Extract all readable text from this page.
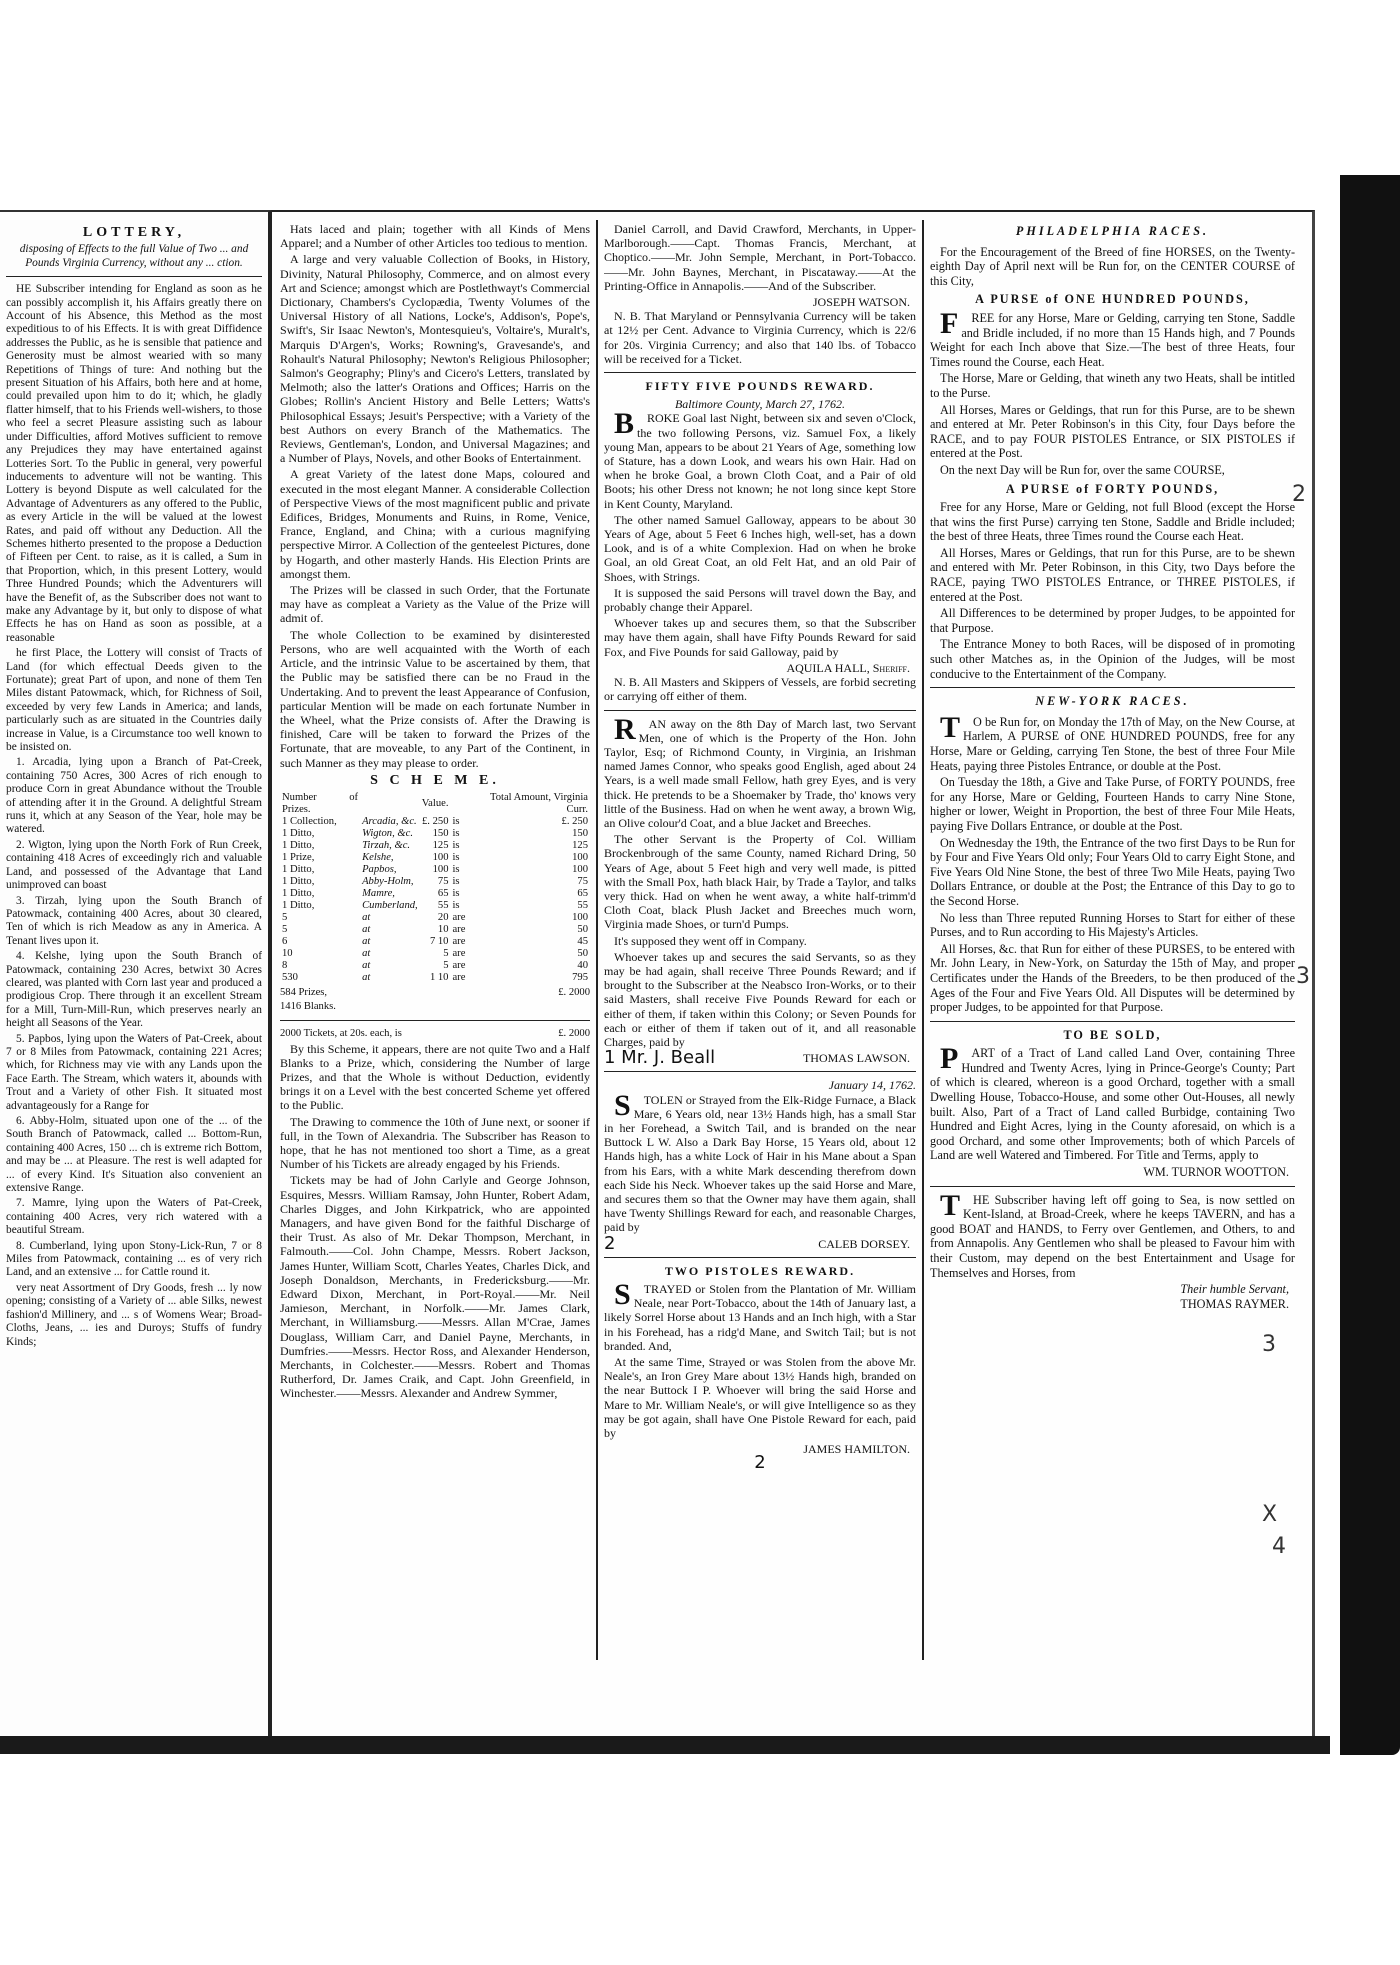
LOTTERY,

disposing of Effects to the full Value of Two ... and Pounds Virginia Currency, without any ... ction.

HE Subscriber intending for England as soon as he can possibly accomplish it, his Affairs greatly there on Account of his Absence, this Method as the most expeditious to of his Effects. It is with great Diffidence addresses the Public, as he is sensible that patience and Generosity must be almost wearied with so many Repetitions of Things of ture: And nothing but the present Situation of his Affairs, both here and at home, could prevailed upon him to do it; which, he gladly flatter himself, that to his Friends well-wishers, to those who feel a secret Pleasure assisting such as labour under Difficulties, afford Motives sufficient to remove any Prejudices they may have entertained against Lotteries Sort. To the Public in general, very powerful inducements to adventure will not be wanting. This Lottery is beyond Dispute as well calculated for the Advantage of Adventurers as any offered to the Public, as every Article in the will be valued at the lowest Rates, and paid off without any Deduction. All the Schemes hitherto presented to the propose a Deduction of Fifteen per Cent. to raise, as it is called, a Sum in that Proportion, which, in this present Lottery, would Three Hundred Pounds; which the Adventurers will have the Benefit of, as the Subscriber does not want to make any Advantage by it, but only to dispose of what Effects he has on Hand as soon as possible, at a reasonable

he first Place, the Lottery will consist of Tracts of Land (for which effectual Deeds given to the Fortunate); great Part of upon, and none of them Ten Miles distant Patowmack, which, for Richness of Soil, exceeded by very few Lands in America; and lands, particularly such as are situated in the Countries daily increase in Value, is a Circumstance too well known to be insisted on.

1. Arcadia, lying upon a Branch of Pat-Creek, containing 750 Acres, 300 Acres of rich enough to produce Corn in great Abundance without the Trouble of attending after it in the Ground. A delightful Stream runs it, which at any Season of the Year, hole may be watered.

2. Wigton, lying upon the North Fork of Run Creek, containing 418 Acres of exceedingly rich and valuable Land, and possessed of the Advantage that Land unimproved can boast

3. Tirzah, lying upon the South Branch of Patowmack, containing 400 Acres, about 30 cleared, Ten of which is rich Meadow as any in America. A Tenant lives upon it.

4. Kelshe, lying upon the South Branch of Patowmack, containing 230 Acres, betwixt 30 Acres cleared, was planted with Corn last year and produced a prodigious Crop. There through it an excellent Stream for a Mill, Turn-Mill-Run, which preserves nearly an height all Seasons of the Year.

5. Papbos, lying upon the Waters of Pat-Creek, about 7 or 8 Miles from Patowmack, containing 221 Acres; which, for Richness may vie with any Lands upon the Face Earth. The Stream, which waters it, abounds with Trout and a Variety of other Fish. It situated most advantageously for a Range for

6. Abby-Holm, situated upon one of the ... of the South Branch of Patowmack, called ... Bottom-Run, containing 400 Acres, 150 ... ch is extreme rich Bottom, and may be ... at Pleasure. The rest is well adapted for ... of every Kind. It's Situation also convenient an extensive Range.

7. Mamre, lying upon the Waters of Pat-Creek, containing 400 Acres, very rich watered with a beautiful Stream.

8. Cumberland, lying upon Stony-Lick-Run, 7 or 8 Miles from Patowmack, containing ... es of very rich Land, and an extensive ... for Cattle round it.

very neat Assortment of Dry Goods, fresh ... ly now opening; consisting of a Variety of ... able Silks, newest fashion'd Millinery, and ... s of Womens Wear; Broad-Cloths, Jeans, ... ies and Duroys; Stuffs of fundry Kinds;

Hats laced and plain; together with all Kinds of Mens Apparel; and a Number of other Articles too tedious to mention.

A large and very valuable Collection of Books, in History, Divinity, Natural Philosophy, Commerce, and on almost every Art and Science; amongst which are Postlethwayt's Commercial Dictionary, Chambers's Cyclopædia, Twenty Volumes of the Universal History of all Nations, Locke's, Addison's, Pope's, Swift's, Sir Isaac Newton's, Montesquieu's, Voltaire's, Muralt's, Marquis D'Argen's, Works; Rowning's, Gravesande's, and Rohault's Natural Philosophy; Newton's Religious Philosopher; Salmon's Geography; Pliny's and Cicero's Letters, translated by Melmoth; also the latter's Orations and Offices; Harris on the Globes; Rollin's Ancient History and Belle Letters; Watts's Philosophical Essays; Jesuit's Perspective; with a Variety of the best Authors on every Branch of the Mathematics. The Reviews, Gentleman's, London, and Universal Magazines; and a Number of Plays, Novels, and other Books of Entertainment.

A great Variety of the latest done Maps, coloured and executed in the most elegant Manner. A considerable Collection of Perspective Views of the most magnificent public and private Edifices, Bridges, Monuments and Ruins, in Rome, Venice, France, England, and China; with a curious magnifying perspective Mirror. A Collection of the genteelest Pictures, done by Hogarth, and other masterly Hands. His Election Prints are amongst them.

The Prizes will be classed in such Order, that the Fortunate may have as compleat a Variety as the Value of the Prize will admit of.

The whole Collection to be examined by disinterested Persons, who are well acquainted with the Worth of each Article, and the intrinsic Value to be ascertained by them, that the Public may be satisfied there can be no Fraud in the Undertaking. And to prevent the least Appearance of Confusion, particular Mention will be made on each fortunate Number in the Wheel, what the Prize consists of. After the Drawing is finished, Care will be taken to forward the Prizes of the Fortunate, that are moveable, to any Part of the Continent, in such Manner as they may please to order.

S C H E M E.
Number of Prizes.		Value.		Total Amount, Virginia Curr.
1 Collection,	Arcadia, &c.	£. 250	is	£. 250
1 Ditto,	Wigton, &c.	150	is	150
1 Ditto,	Tirzah, &c.	125	is	125
1 Prize,	Kelshe,	100	is	100
1 Ditto,	Papbos,	100	is	100
1 Ditto,	Abby-Holm,	75	is	75
1 Ditto,	Mamre,	65	is	65
1 Ditto,	Cumberland,	55	is	55
5	at	20	are	100
5	at	10	are	50
6	at	7 10	are	45
10	at	5	are	50
8	at	5	are	40
530	at	1 10	are	795
584 Prizes,	£. 2000
1416 Blanks.
2000 Tickets, at 20s. each, is	£. 2000

By this Scheme, it appears, there are not quite Two and a Half Blanks to a Prize, which, considering the Number of large Prizes, and that the Whole is without Deduction, evidently brings it on a Level with the best concerted Scheme yet offered to the Public.

The Drawing to commence the 10th of June next, or sooner if full, in the Town of Alexandria. The Subscriber has Reason to hope, that he has not mentioned too short a Time, as a great Number of his Tickets are already engaged by his Friends.

Tickets may be had of John Carlyle and George Johnson, Esquires, Messrs. William Ramsay, John Hunter, Robert Adam, Charles Digges, and John Kirkpatrick, who are appointed Managers, and have given Bond for the faithful Discharge of their Trust. As also of Mr. Dekar Thompson, Merchant, in Falmouth.——Col. John Champe, Messrs. Robert Jackson, James Hunter, William Scott, Charles Yeates, Charles Dick, and Joseph Donaldson, Merchants, in Fredericksburg.——Mr. Edward Dixon, Merchant, in Port-Royal.——Mr. Neil Jamieson, Merchant, in Norfolk.——Mr. James Clark, Merchant, in Williamsburg.——Messrs. Allan M'Crae, James Douglass, William Carr, and Daniel Payne, Merchants, in Dumfries.——Messrs. Hector Ross, and Alexander Henderson, Merchants, in Colchester.——Messrs. Robert and Thomas Rutherford, Dr. James Craik, and Capt. John Greenfield, in Winchester.——Messrs. Alexander and Andrew Symmer,

Daniel Carroll, and David Crawford, Merchants, in Upper-Marlborough.——Capt. Thomas Francis, Merchant, at Choptico.——Mr. John Semple, Merchant, in Port-Tobacco.——Mr. John Baynes, Merchant, in Piscataway.——At the Printing-Office in Annapolis.——And of the Subscriber.

JOSEPH WATSON.

N. B. That Maryland or Pennsylvania Currency will be taken at 12½ per Cent. Advance to Virginia Currency, which is 22/6 for 20s. Virginia Currency; and also that 140 lbs. of Tobacco will be received for a Ticket.

FIFTY FIVE POUNDS REWARD.
Baltimore County, March 27, 1762.

B ROKE Goal last Night, between six and seven o'Clock, the two following Persons, viz. Samuel Fox, a likely young Man, appears to be about 21 Years of Age, something low of Stature, has a down Look, and wears his own Hair. Had on when he broke Goal, a brown Cloth Coat, and a Pair of old Boots; his other Dress not known; he not long since kept Store in Kent County, Maryland.

The other named Samuel Galloway, appears to be about 30 Years of Age, about 5 Feet 6 Inches high, well-set, has a down Look, and is of a white Complexion. Had on when he broke Goal, an old Great Coat, an old Felt Hat, and an old Pair of Shoes, with Strings.

It is supposed the said Persons will travel down the Bay, and probably change their Apparel.

Whoever takes up and secures them, so that the Subscriber may have them again, shall have Fifty Pounds Reward for said Fox, and Five Pounds for said Galloway, paid by

AQUILA HALL, Sheriff.

N. B. All Masters and Skippers of Vessels, are forbid secreting or carrying off either of them.

R AN away on the 8th Day of March last, two Servant Men, one of which is the Property of the Hon. John Taylor, Esq; of Richmond County, in Virginia, an Irishman named James Connor, who speaks good English, aged about 24 Years, is a well made small Fellow, hath grey Eyes, and is very thick. He pretends to be a Shoemaker by Trade, tho' knows very little of the Business. Had on when he went away, a brown Wig, an Olive colour'd Coat, and a blue Jacket and Breeches.

The other Servant is the Property of Col. William Brockenbrough of the same County, named Richard Dring, 50 Years of Age, about 5 Feet high and very well made, is pitted with the Small Pox, hath black Hair, by Trade a Taylor, and talks very thick. Had on when he went away, a white half-trimm'd Cloth Coat, black Plush Jacket and Breeches much worn, Virginia made Shoes, or turn'd Pumps.

It's supposed they went off in Company.

Whoever takes up and secures the said Servants, so as they may be had again, shall receive Three Pounds Reward; and if brought to the Subscriber at the Neabsco Iron-Works, or to their said Masters, shall receive Five Pounds Reward for each or either of them, if taken within this Colony; or Seven Pounds for each or either of them if taken out of it, and all reasonable Charges, paid by

1 Mr. J. Beall	THOMAS LAWSON.
January 14, 1762.

S TOLEN or Strayed from the Elk-Ridge Furnace, a Black Mare, 6 Years old, near 13½ Hands high, has a small Star in her Forehead, a Switch Tail, and is branded on the near Buttock L W. Also a Dark Bay Horse, 15 Years old, about 12 Hands high, has a white Lock of Hair in his Mane about a Span from his Ears, with a white Mark descending therefrom down each Side his Neck. Whoever takes up the said Horse and Mare, and secures them so that the Owner may have them again, shall have Twenty Shillings Reward for each, and reasonable Charges, paid by

2	CALEB DORSEY.
TWO PISTOLES REWARD.

S TRAYED or Stolen from the Plantation of Mr. William Neale, near Port-Tobacco, about the 14th of January last, a likely Sorrel Horse about 13 Hands and an Inch high, with a Star in his Forehead, has a ridg'd Mane, and Switch Tail; but is not branded. And,

At the same Time, Strayed or was Stolen from the above Mr. Neale's, an Iron Grey Mare about 13½ Hands high, branded on the near Buttock I P. Whoever will bring the said Horse and Mare to Mr. William Neale's, or will give Intelligence so as they may be got again, shall have One Pistole Reward for each, paid by

JAMES HAMILTON.
2
PHILADELPHIA RACES.

For the Encouragement of the Breed of fine HORSES, on the Twenty-eighth Day of April next will be Run for, on the CENTER COURSE of this City,

A PURSE of ONE HUNDRED POUNDS,

F REE for any Horse, Mare or Gelding, carrying ten Stone, Saddle and Bridle included, if no more than 15 Hands high, and 7 Pounds Weight for each Inch above that Size.—The best of three Heats, four Times round the Course, each Heat.

The Horse, Mare or Gelding, that wineth any two Heats, shall be intitled to the Purse.

All Horses, Mares or Geldings, that run for this Purse, are to be shewn and entered at Mr. Peter Robinson's in this City, four Days before the RACE, and to pay FOUR PISTOLES Entrance, or SIX PISTOLES if entered at the Post.

On the next Day will be Run for, over the same COURSE,

A PURSE of FORTY POUNDS,

Free for any Horse, Mare or Gelding, not full Blood (except the Horse that wins the first Purse) carrying ten Stone, Saddle and Bridle included; the best of three Heats, three Times round the Course each Heat.

All Horses, Mares or Geldings, that run for this Purse, are to be shewn and entered with Mr. Peter Robinson, in this City, two Days before the RACE, paying TWO PISTOLES Entrance, or THREE PISTOLES, if entered at the Post.

All Differences to be determined by proper Judges, to be appointed for that Purpose.

The Entrance Money to both Races, will be disposed of in promoting such other Matches as, in the Opinion of the Judges, will be most conducive to the Entertainment of the Company.

NEW-YORK RACES.

T O be Run for, on Monday the 17th of May, on the New Course, at Harlem, A PURSE of ONE HUNDRED POUNDS, free for any Horse, Mare or Gelding, carrying Ten Stone, the best of three Four Mile Heats, paying three Pistoles Entrance, or double at the Post.

On Tuesday the 18th, a Give and Take Purse, of FORTY POUNDS, free for any Horse, Mare or Gelding, Fourteen Hands to carry Nine Stone, higher or lower, Weight in Proportion, the best of three Four Mile Heats, paying Five Dollars Entrance, or double at the Post.

On Wednesday the 19th, the Entrance of the two first Days to be Run for by Four and Five Years Old only; Four Years Old to carry Eight Stone, and Five Years Old Nine Stone, the best of three Two Mile Heats, paying Two Dollars Entrance, or double at the Post; the Entrance of this Day to go to the Second Horse.

No less than Three reputed Running Horses to Start for either of these Purses, and to Run according to His Majesty's Articles.

All Horses, &c. that Run for either of these PURSES, to be entered with Mr. John Leary, in New-York, on Saturday the 15th of May, and proper Certificates under the Hands of the Breeders, to be then produced of the Ages of the Four and Five Years Old. All Disputes will be determined by proper Judges, to be appointed for that Purpose.

TO BE SOLD,

P ART of a Tract of Land called Land Over, containing Three Hundred and Twenty Acres, lying in Prince-George's County; Part of which is cleared, whereon is a good Orchard, together with a small Dwelling House, Tobacco-House, and some other Out-Houses, all newly built. Also, Part of a Tract of Land called Burbidge, containing Two Hundred and Eight Acres, lying in the County aforesaid, on which is a good Orchard, and some other Improvements; both of which Parcels of Land are well Watered and Timbered. For Title and Terms, apply to

WM. TURNOR WOOTTON.

T HE Subscriber having left off going to Sea, is now settled on Kent-Island, at Broad-Creek, where he keeps TAVERN, and has a good BOAT and HANDS, to Ferry over Gentlemen, and Others, to and from Annapolis. Any Gentlemen who shall be pleased to Favour him with their Custom, may depend on the best Entertainment and Usage for Themselves and Horses, from

Their humble Servant,
THOMAS RAYMER.
2
3
3
X
4
